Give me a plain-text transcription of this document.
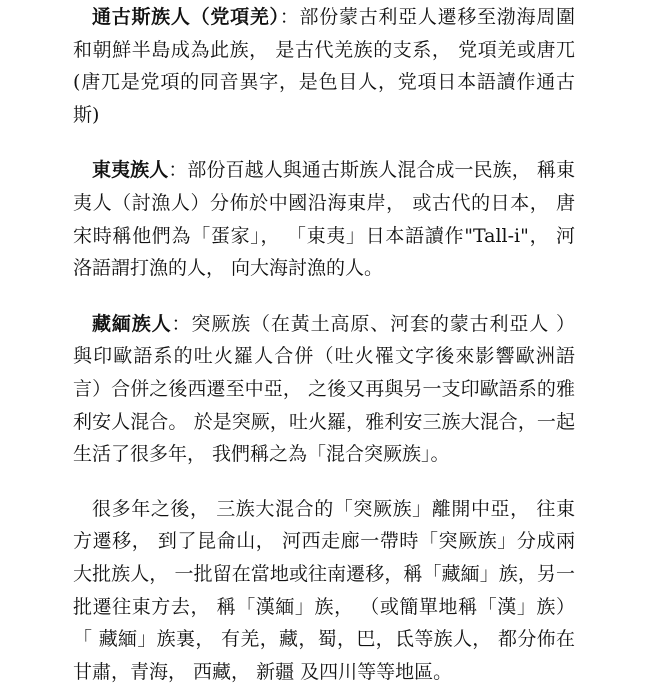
通古斯族人（党項羌）：部份蒙古利亞人遷移至渤海周圍和朝鮮半島成為此族， 是古代羌族的支系， 党項羌或唐兀(唐兀是党項的同音異字，是色目人，党項日本語讀作通古斯)

東夷族人：部份百越人與通古斯族人混合成一民族， 稱東夷人（討漁人）分佈於中國沿海東岸， 或古代的日本， 唐宋時稱他們為「蛋家」， 「東夷」日本語讀作"Tall-i"， 河洛語謂打漁的人， 向大海討漁的人。

藏緬族人：突厥族（在黃土高原、河套的蒙古利亞人 ） 與印歐語系的吐火羅人合併（吐火罹文字後來影響歐洲語言）合併之後西遷至中亞， 之後又再與另一支印歐語系的雅利安人混合。 於是突厥，吐火羅，雅利安三族大混合，一起生活了很多年， 我們稱之為「混合突厥族」。

很多年之後， 三族大混合的「突厥族」離開中亞， 往東方遷移， 到了昆侖山， 河西走廊一帶時「突厥族」分成兩大批族人， 一批留在當地或往南遷移，稱「藏緬」族，另一批遷往東方去， 稱「漢緬」族， （或簡單地稱「漢」族） 「 藏緬」族裏， 有羌，藏，蜀，巴，氐等族人， 都分佈在甘肅，青海， 西藏， 新疆 及四川等等地區。
